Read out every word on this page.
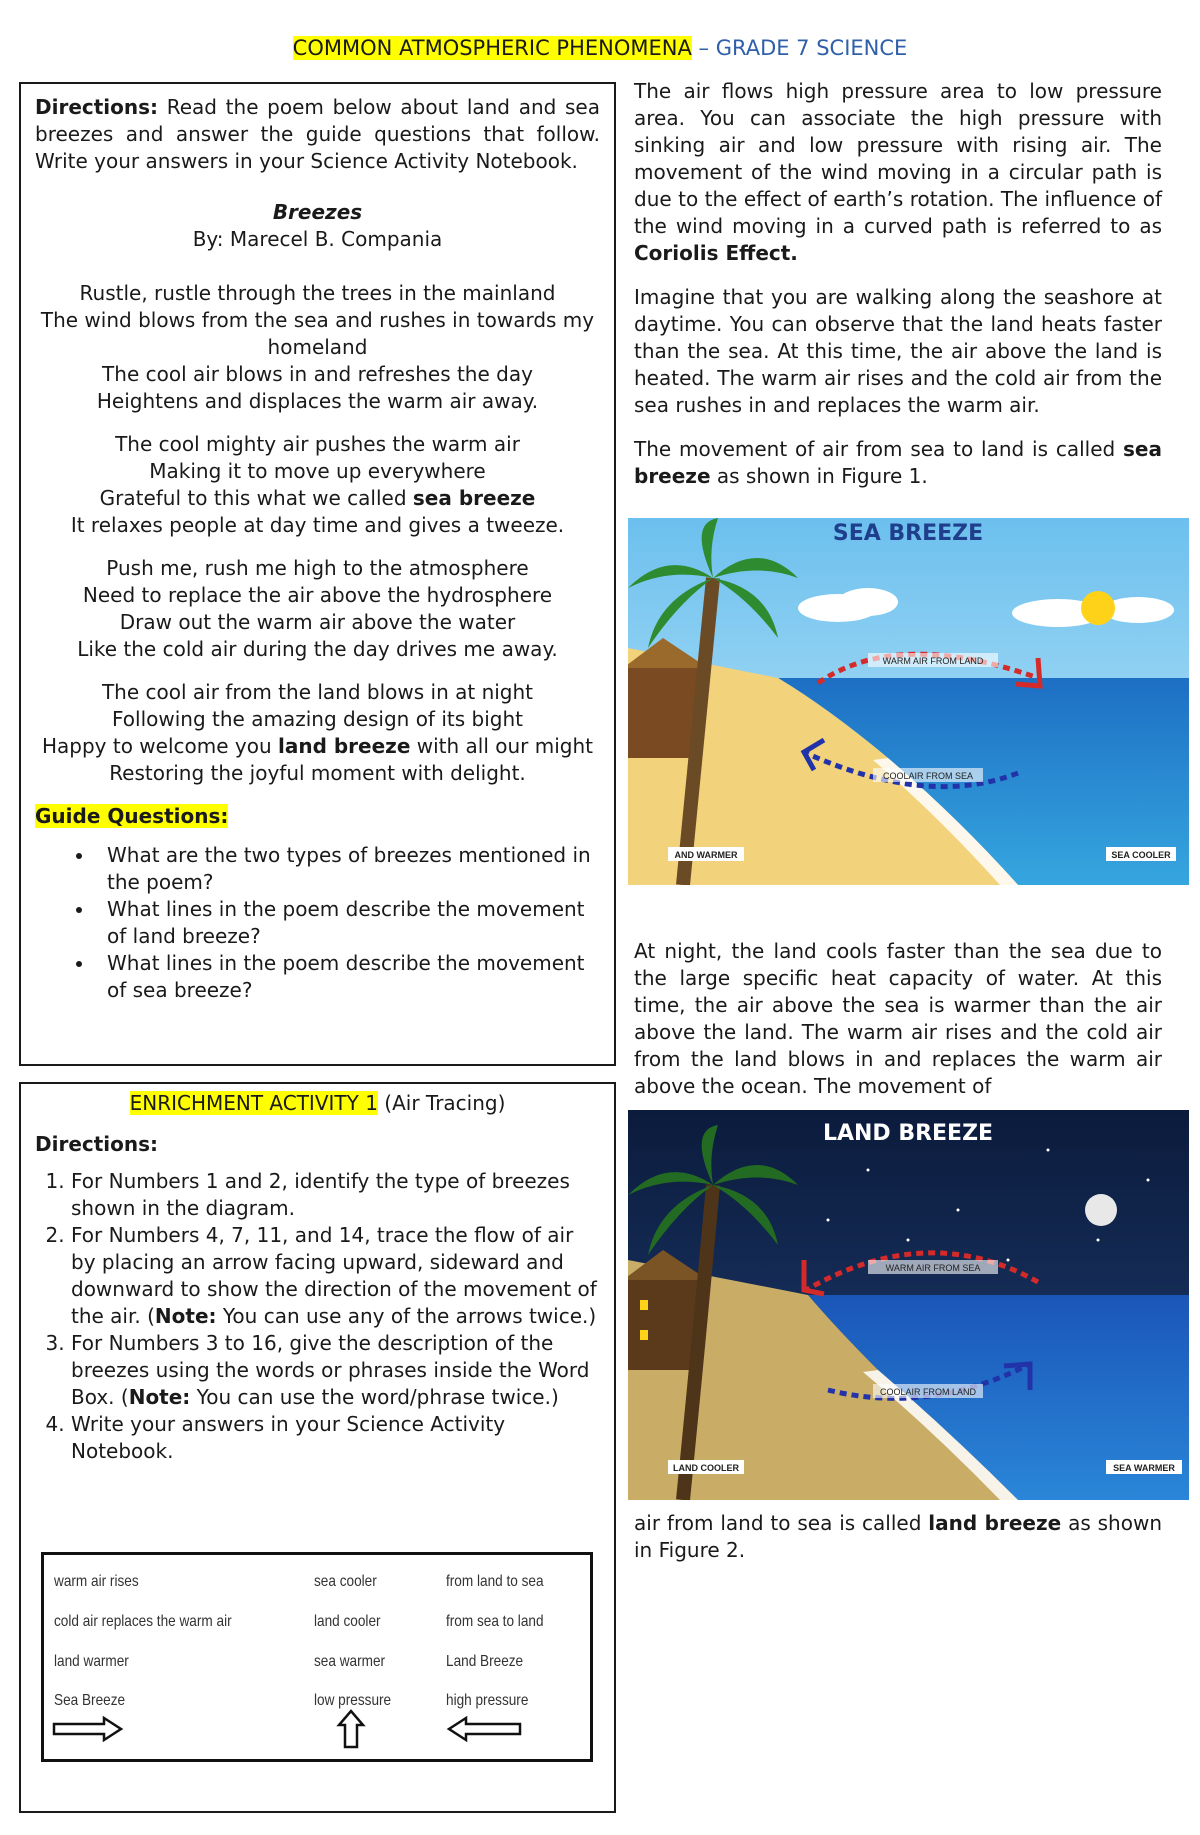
COMMON ATMOSPHERIC PHENOMENA – GRADE 7 SCIENCE

Directions: Read the poem below about land and sea breezes and answer the guide questions that follow. Write your answers in your Science Activity Notebook.

Breezes

By: Marecel B. Compania

Rustle, rustle through the trees in the mainland

The wind blows from the sea and rushes in towards my homeland

The cool air blows in and refreshes the day

Heightens and displaces the warm air away.

The cool mighty air pushes the warm air

Making it to move up everywhere

Grateful to this what we called sea breeze

It relaxes people at day time and gives a tweeze.

Push me, rush me high to the atmosphere

Need to replace the air above the hydrosphere

Draw out the warm air above the water

Like the cold air during the day drives me away.

The cool air from the land blows in at night

Following the amazing design of its bight

Happy to welcome you land breeze with all our might

Restoring the joyful moment with delight.

Guide Questions:

• What are the two types of breezes mentioned in the poem?
• What lines in the poem describe the movement of land breeze?
• What lines in the poem describe the movement of sea breeze?

ENRICHMENT ACTIVITY 1 (Air Tracing)

Directions:

1. For Numbers 1 and 2, identify the type of breezes shown in the diagram.
2. For Numbers 4, 7, 11, and 14, trace the flow of air by placing an arrow facing upward, sideward and downward to show the direction of the movement of the air. (Note: You can use any of the arrows twice.)
3. For Numbers 3 to 16, give the description of the breezes using the words or phrases inside the Word Box. (Note: You can use the word/phrase twice.)
4. Write your answers in your Science Activity Notebook.
warm air rises	sea cooler	from land to sea
cold air replaces the warm air	land cooler	from sea to land
land warmer	sea warmer	Land Breeze
Sea Breeze	low pressure	high pressure

The air flows high pressure area to low pressure area. You can associate the high pressure with sinking air and low pressure with rising air. The movement of the wind moving in a circular path is due to the effect of earth’s rotation. The influence of the wind moving in a curved path is referred to as Coriolis Effect.

Imagine that you are walking along the seashore at daytime. You can observe that the land heats faster than the sea. At this time, the air above the land is heated. The warm air rises and the cold air from the sea rushes in and replaces the warm air.

The movement of air from sea to land is called sea breeze as shown in Figure 1.

SEA BREEZE
WARM AIR FROM LAND
COOLAIR FROM SEA
AND WARMER	SEA COOLER

At night, the land cools faster than the sea due to the large specific heat capacity of water. At this time, the air above the sea is warmer than the air above the land. The warm air rises and the cold air from the land blows in and replaces the warm air above the ocean. The movement of

LAND BREEZE
WARM AIR FROM SEA
COOLAIR FROM LAND
LAND COOLER	SEA WARMER

air from land to sea is called land breeze as shown in Figure 2.
